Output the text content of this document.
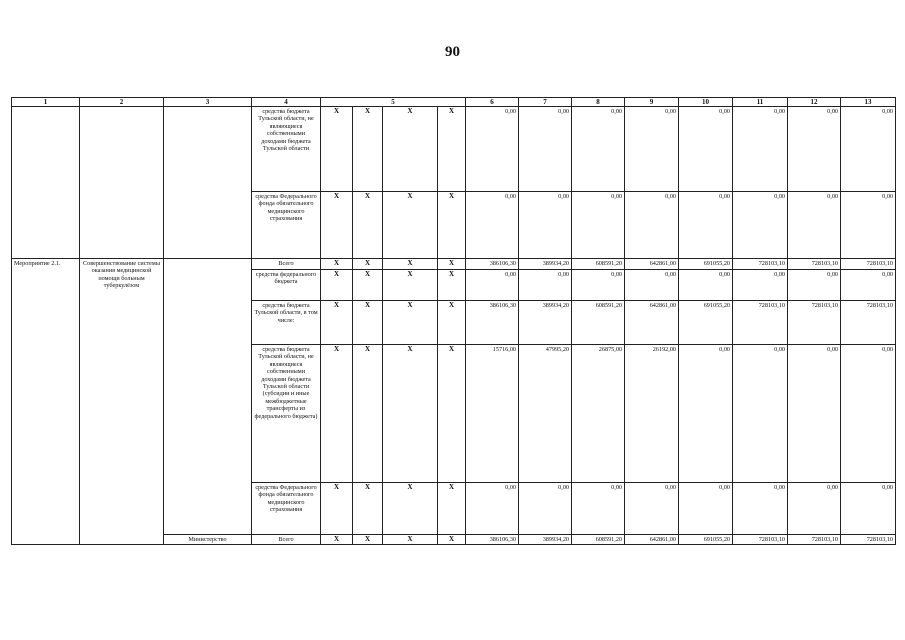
90
1	2	3	4	5				6	7	8	9	10	11	12	13
			средства бюджета Тульской области, не являющиеся собственными доходами бюджета Тульской области	Х	Х	Х	Х	0,00	0,00	0,00	0,00	0,00	0,00	0,00	0,00
			средства Федерального фонда обязательного медицинского страхования	Х	Х	Х	Х	0,00	0,00	0,00	0,00	0,00	0,00	0,00	0,00
Мероприятие 2.1.	Совершенствование системы оказания медицинской помощи больным туберкулёзом		Всего	Х	Х	Х	Х	386106,30	389934,20	608591,20	642861,00	691055,20	728103,10	728103,10	728103,10
			средства федерального бюджета	Х	Х	Х	Х	0,00	0,00	0,00	0,00	0,00	0,00	0,00	0,00
			средства бюджета Тульской области, в том числе:	Х	Х	Х	Х	386106,30	389934,20	608591,20	642861,00	691055,20	728103,10	728103,10	728103,10
			средства бюджета Тульской области, не являющиеся собственными доходами бюджета Тульской области (субсидии и иные межбюджетные трансферты из федерального бюджета)	Х	Х	Х	Х	15716,00	47995,20	26875,00	26192,00	0,00	0,00	0,00	0,00
			средства Федерального фонда обязательного медицинского страхования	Х	Х	Х	Х	0,00	0,00	0,00	0,00	0,00	0,00	0,00	0,00
		Министерство	Всего	Х	Х	Х	Х	386106,30	389934,20	608591,20	642861,00	691055,20	728103,10	728103,10	728103,10
